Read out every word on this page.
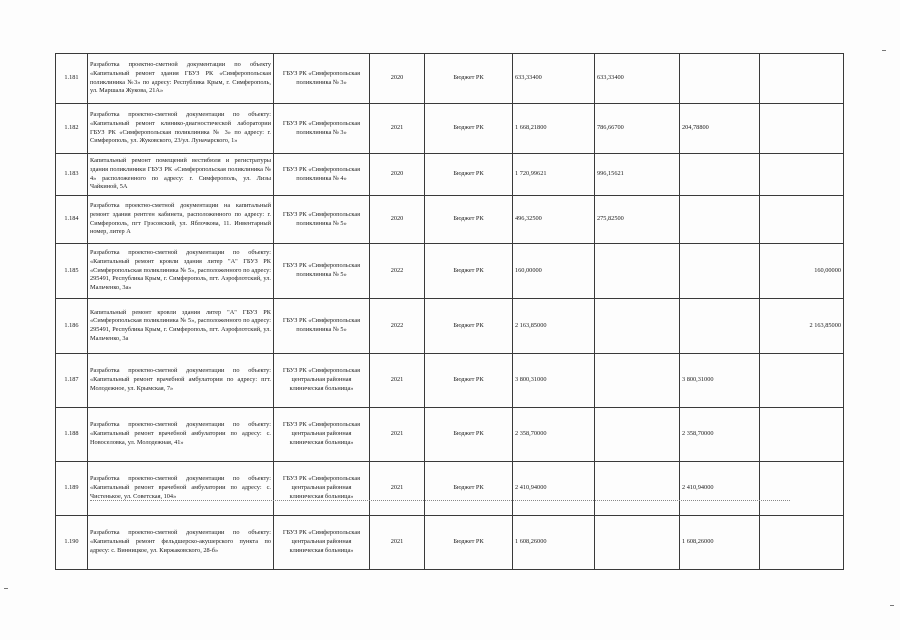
1.181	Разработка проектно-сметной документации по объекту «Капитальный ремонт здания ГБУЗ РК «Симферопольская поликлиника №3» по адресу: Республика Крым, г. Симферополь, ул. Маршала Жукова, 21А»	ГБУЗ РК «Симферопольская поликлиника № 3»	2020	Бюджет РК	633,33400	633,33400		
1.182	Разработка проектно-сметной документации по объекту: «Капитальный ремонт клинико-диагностической лаборатории ГБУЗ РК «Симферопольская поликлиника № 3» по адресу: г. Симферополь, ул. Жуковского, 23/ул. Луначарского, 1»	ГБУЗ РК «Симферопольская поликлиника № 3»	2021	Бюджет РК	1 668,21800	786,66700	204,78800	
1.183	Капитальный ремонт помещений вестибюля и регистратуры здания поликлиники ГБУЗ РК «Симферопольская поликлиника № 4» расположенного по адресу: г. Симферополь, ул. Лизы Чайкиной, 5А	ГБУЗ РК «Симферопольская поликлиника № 4»	2020	Бюджет РК	1 720,99621	996,15621		
1.184	Разработка проектно-сметной документации на капитальный ремонт здания рентген кабинета, расположенного по адресу: г. Симферополь, пгт Грэсовский, ул. Яблочкова, 11. Инвентарный номер, литер А	ГБУЗ РК «Симферопольская поликлиника № 5»	2020	Бюджет РК	496,32500	275,82500		
1.185	Разработка проектно-сметной документации по объекту: «Капитальный ремонт кровли здания литер "А" ГБУЗ РК «Симферопольская поликлиника № 5», расположенного по адресу: 295491, Республика Крым, г. Симферополь, пгт. Аэрофлотский, ул. Мальченко, 3а»	ГБУЗ РК «Симферопольская поликлиника № 5»	2022	Бюджет РК	160,00000			160,00000
1.186	Капитальный ремонт кровли здания литер "А" ГБУЗ РК «Симферопольская поликлиника № 5», расположенного по адресу: 295491, Республика Крым, г. Симферополь, пгт. Аэрофлотский, ул. Мальченко, 3а	ГБУЗ РК «Симферопольская поликлиника № 5»	2022	Бюджет РК	2 163,85000			2 163,85000
1.187	Разработка проектно-сметной документации по объекту: «Капитальный ремонт врачебной амбулатории по адресу: пгт. Молодежное, ул. Крымская, 7»	ГБУЗ РК «Симферопольская центральная районная клиническая больница»	2021	Бюджет РК	3 800,31000		3 800,31000	
1.188	Разработка проектно-сметной документации по объекту: «Капитальный ремонт врачебной амбулатории по адресу: с. Новоселовка, ул. Молодежная, 41»	ГБУЗ РК «Симферопольская центральная районная клиническая больница»	2021	Бюджет РК	2 358,70000		2 358,70000	
1.189	Разработка проектно-сметной документации по объекту: «Капитальный ремонт врачебной амбулатории по адресу: с. Чистенькое, ул. Советская, 104»	ГБУЗ РК «Симферопольская центральная районная клиническая больница»	2021	Бюджет РК	2 410,94000		2 410,94000	
1.190	Разработка проектно-сметной документации по объекту: «Капитальный ремонт фельдшерско-акушерского пункта по адресу: с. Винницкое, ул. Киржаковского, 28-б»	ГБУЗ РК «Симферопольская центральная районная клиническая больница»	2021	Бюджет РК	1 608,26000		1 608,26000	
